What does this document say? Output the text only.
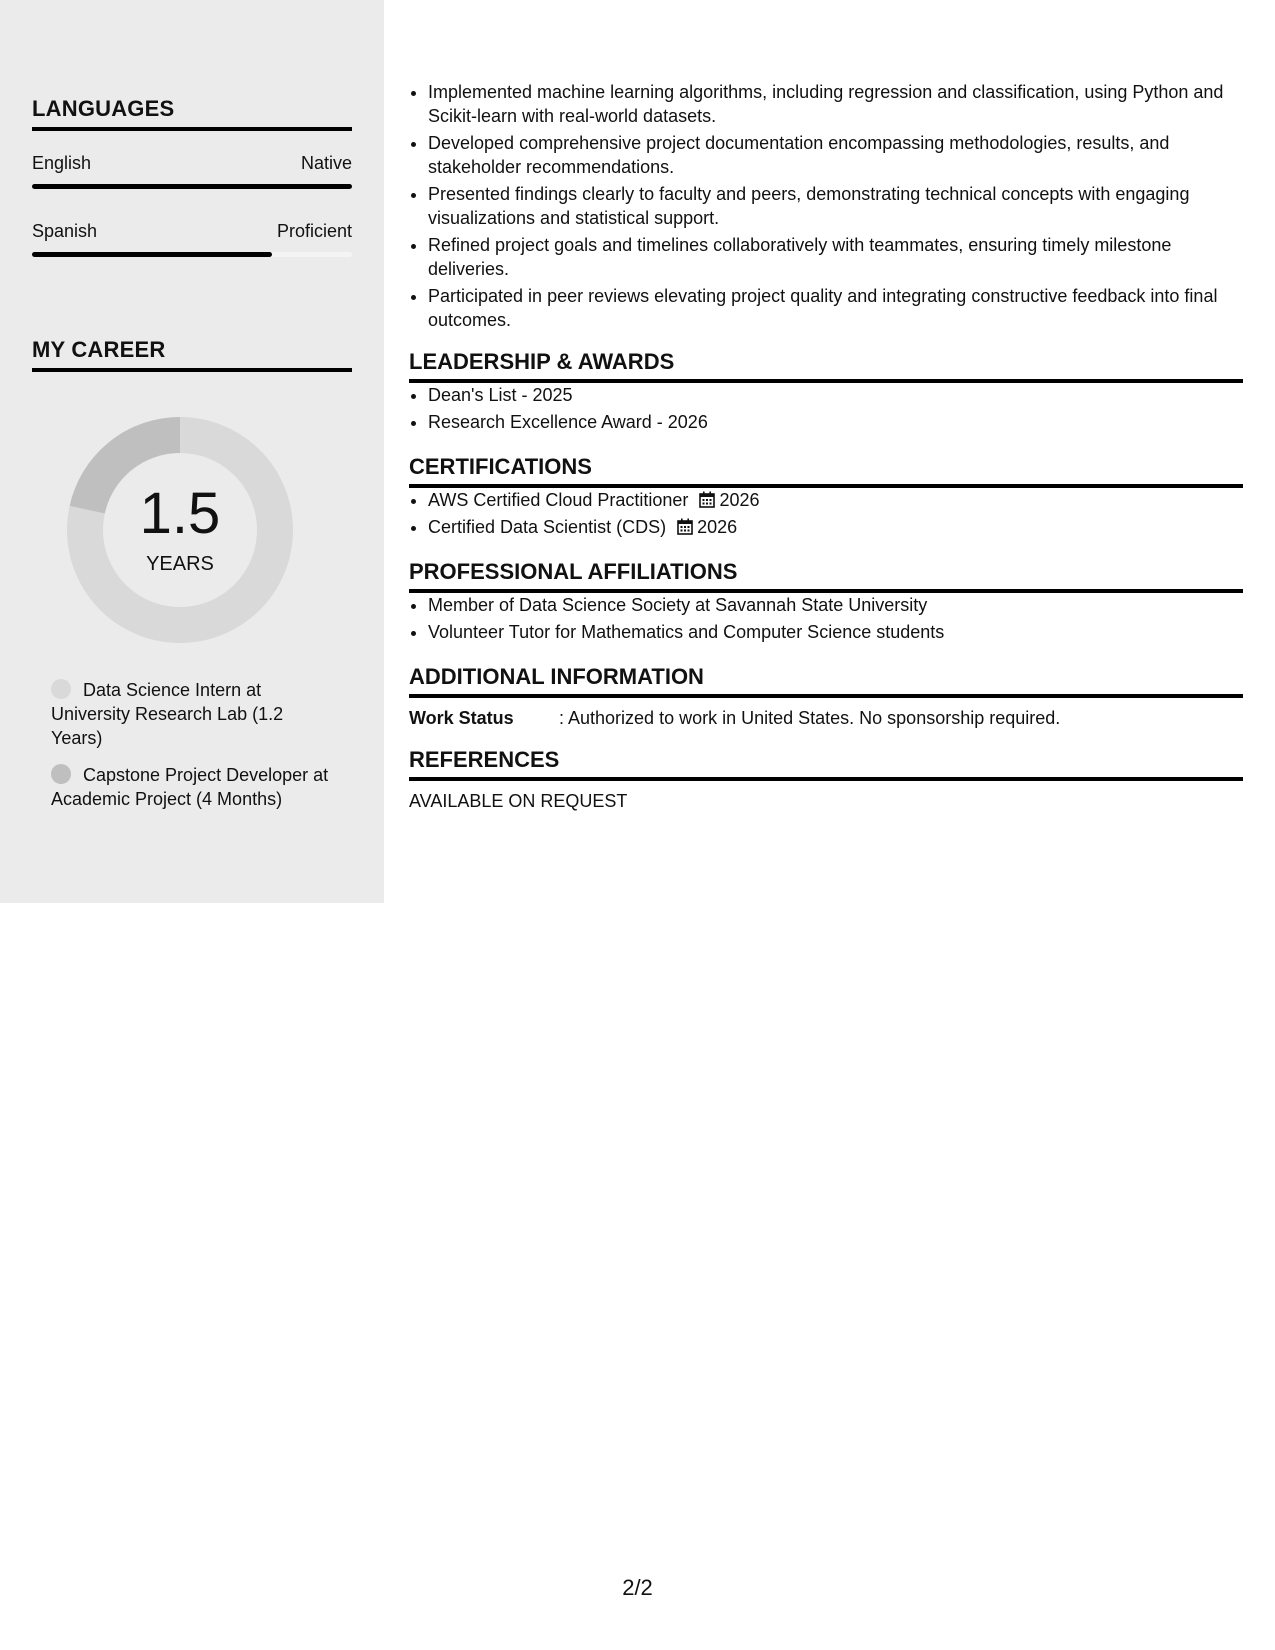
LANGUAGES
English	Native
Spanish	Proficient
MY CAREER
1.5
YEARS
Data Science Intern at University Research Lab (1.2 Years)
Capstone Project Developer at Academic Project (4 Months)
• Implemented machine learning algorithms, including regression and classification, using Python and Scikit-learn with real-world datasets.
• Developed comprehensive project documentation encompassing methodologies, results, and stakeholder recommendations.
• Presented findings clearly to faculty and peers, demonstrating technical concepts with engaging visualizations and statistical support.
• Refined project goals and timelines collaboratively with teammates, ensuring timely milestone deliveries.
• Participated in peer reviews elevating project quality and integrating constructive feedback into final outcomes.
LEADERSHIP & AWARDS
• Dean's List - 2025
• Research Excellence Award - 2026
CERTIFICATIONS
• AWS Certified Cloud Practitioner 2026
• Certified Data Scientist (CDS) 2026
PROFESSIONAL AFFILIATIONS
• Member of Data Science Society at Savannah State University
• Volunteer Tutor for Mathematics and Computer Science students
ADDITIONAL INFORMATION
Work Status	: Authorized to work in United States. No sponsorship required.
REFERENCES
AVAILABLE ON REQUEST
2/2
